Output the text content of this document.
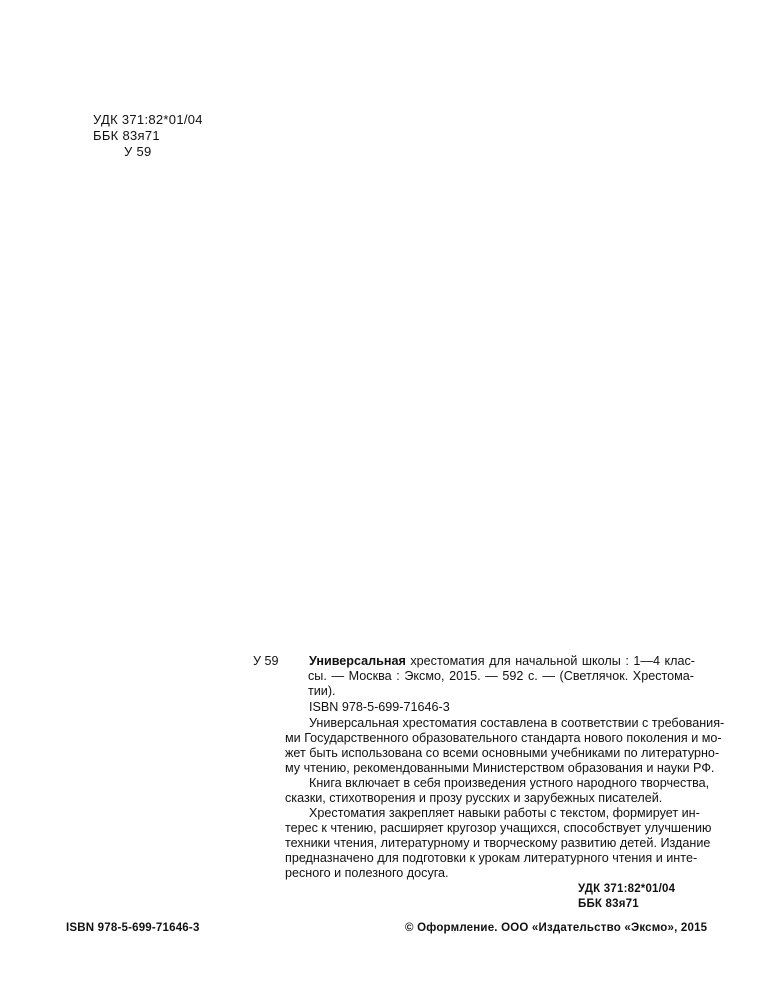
УДК 371:82*01/04
ББК 83я71
У 59
У 59 Универсальная хрестоматия для начальной школы : 1—4 клас-
сы. — Москва : Эксмо, 2015. — 592 с. — (Светлячок. Хрестома-
тии).
ISBN 978-5-699-71646-3
Универсальная хрестоматия составлена в соответствии с требования-
ми Государственного образовательного стандарта нового поколения и мо-
жет быть использована со всеми основными учебниками по литературно-
му чтению, рекомендованными Министерством образования и науки РФ.
Книга включает в себя произведения устного народного творчества,
сказки, стихотворения и прозу русских и зарубежных писателей.
Хрестоматия закрепляет навыки работы с текстом, формирует ин-
терес к чтению, расширяет кругозор учащихся, способствует улучшению
техники чтения, литературному и творческому развитию детей. Издание
предназначено для подготовки к урокам литературного чтения и интe-
ресного и полезного досуга.
УДК 371:82*01/04
ББК 83я71
ISBN 978-5-699-71646-3	© Оформление. ООО «Издательство «Эксмо», 2015
